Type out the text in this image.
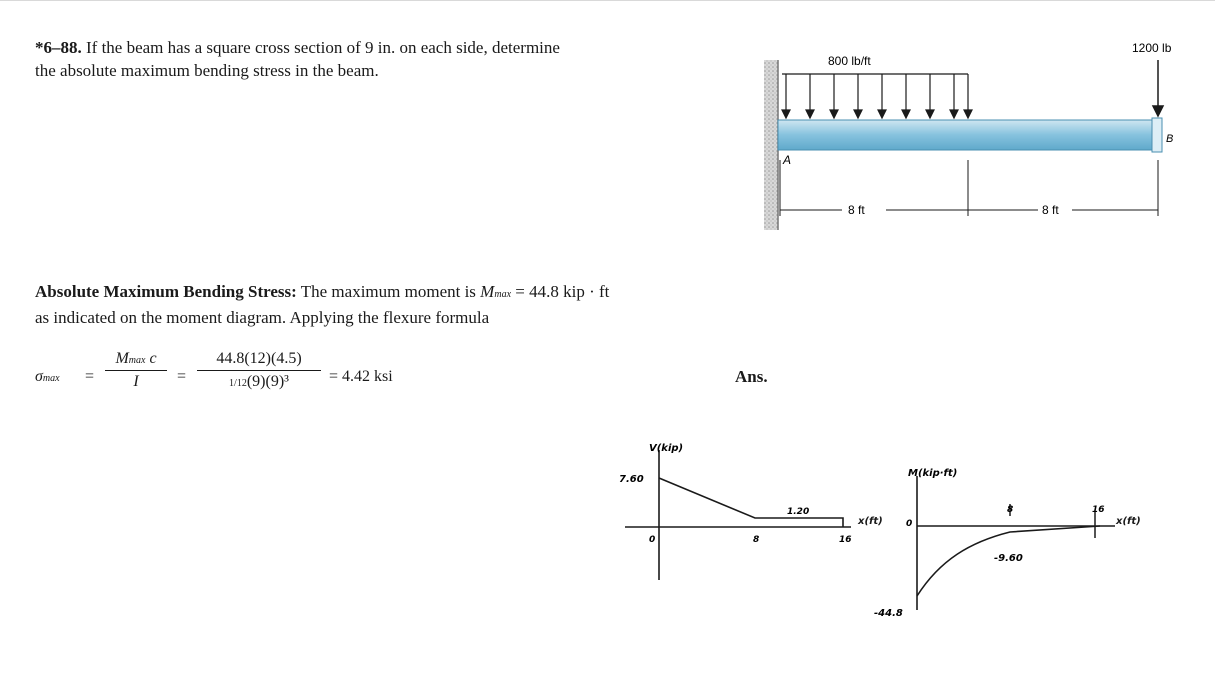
*6–88. If the beam has a square cross section of 9 in. on each side, determine the absolute maximum bending stress in the beam.	800 lb/ft
1200 lb
A
B
8 ft	8 ft
Absolute Maximum Bending Stress: The maximum moment is Mmax = 44.8 kip · ft
as indicated on the moment diagram. Applying the flexure formula
σmax =
Mmax c
I	= $\frac{44.8(12)(4.5)}{\text{1/12(9)(9)³}} = 4.42$ ksi	Ans.
V(kip)
7.60
1.20
0	8	16
x(ft)
M(kip·ft)
0
8	16
-9.60
-44.8
x(ft)
